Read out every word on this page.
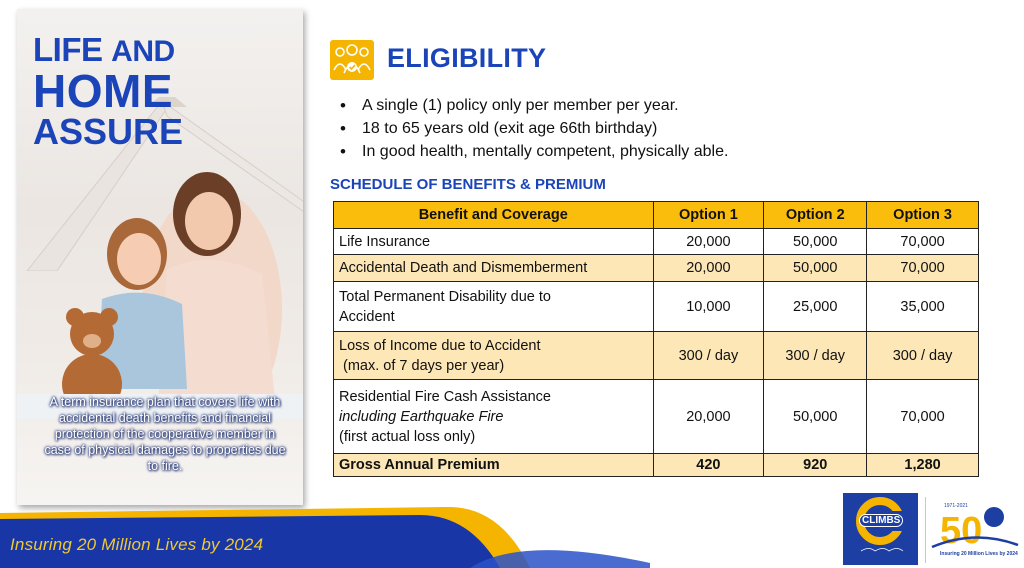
LIFE AND
HOME
ASSURE
A term insurance plan that covers life with accidental death benefits and financial protection of the cooperative member in case of physical damages to properties due to fire.
ELIGIBILITY
• A single (1) policy only per member per year.
• 18 to 65 years old (exit age 66th birthday)
• In good health, mentally competent, physically able.
SCHEDULE OF BENEFITS & PREMIUM
Benefit and Coverage	Option 1	Option 2	Option 3
Life Insurance	20,000	50,000	70,000
Accidental Death and Dismemberment	20,000	50,000	70,000

Total Permanent Disability due to
Accident	10,000	25,000	35,000

Loss of Income due to Accident
(max. of 7 days per year)	300 / day	300 / day	300 / day

Residential Fire Cash Assistance
including Earthquake Fire
(first actual loss only)	20,000	50,000	70,000
Gross Annual Premium	420	920	1,280
Insuring 20 Million Lives by 2024
CLIMBS
1971-2021
50
Insuring 20 Million Lives by 2024
